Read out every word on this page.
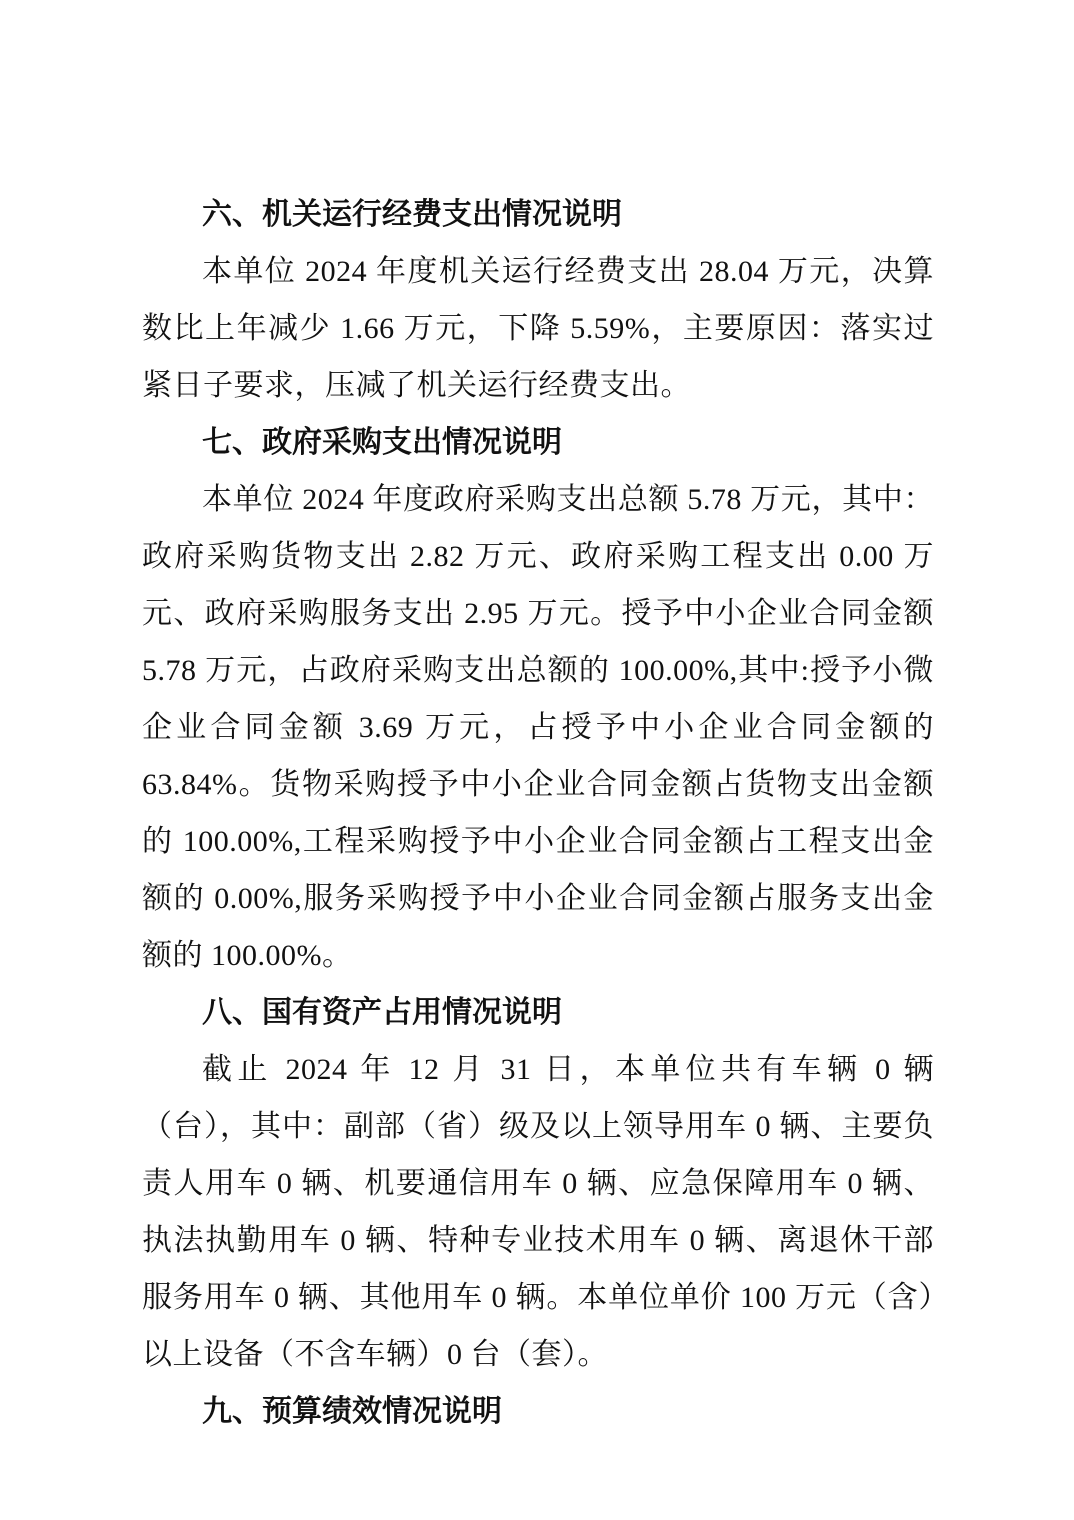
六、机关运行经费支出情况说明

本单位 2024 年度机关运行经费支出 28.04 万元，决算数比上年减少 1.66 万元，下降 5.59%，主要原因：落实过紧日子要求，压减了机关运行经费支出。

七、政府采购支出情况说明

本单位 2024 年度政府采购支出总额 5.78 万元，其中：政府采购货物支出 2.82 万元、政府采购工程支出 0.00 万元、政府采购服务支出 2.95 万元。授予中小企业合同金额 5.78 万元，占政府采购支出总额的 100.00%,其中:授予小微企业合同金额 3.69 万元，占授予中小企业合同金额的 63.84%。货物采购授予中小企业合同金额占货物支出金额的 100.00%,工程采购授予中小企业合同金额占工程支出金额的 0.00%,服务采购授予中小企业合同金额占服务支出金额的 100.00%。

八、国有资产占用情况说明

截止 2024 年 12 月 31 日，本单位共有车辆 0 辆（台），其中：副部（省）级及以上领导用车 0 辆、主要负责人用车 0 辆、机要通信用车 0 辆、应急保障用车 0 辆、执法执勤用车 0 辆、特种专业技术用车 0 辆、离退休干部服务用车 0 辆、其他用车 0 辆。本单位单价 100 万元（含）以上设备（不含车辆）0 台（套）。

九、预算绩效情况说明
